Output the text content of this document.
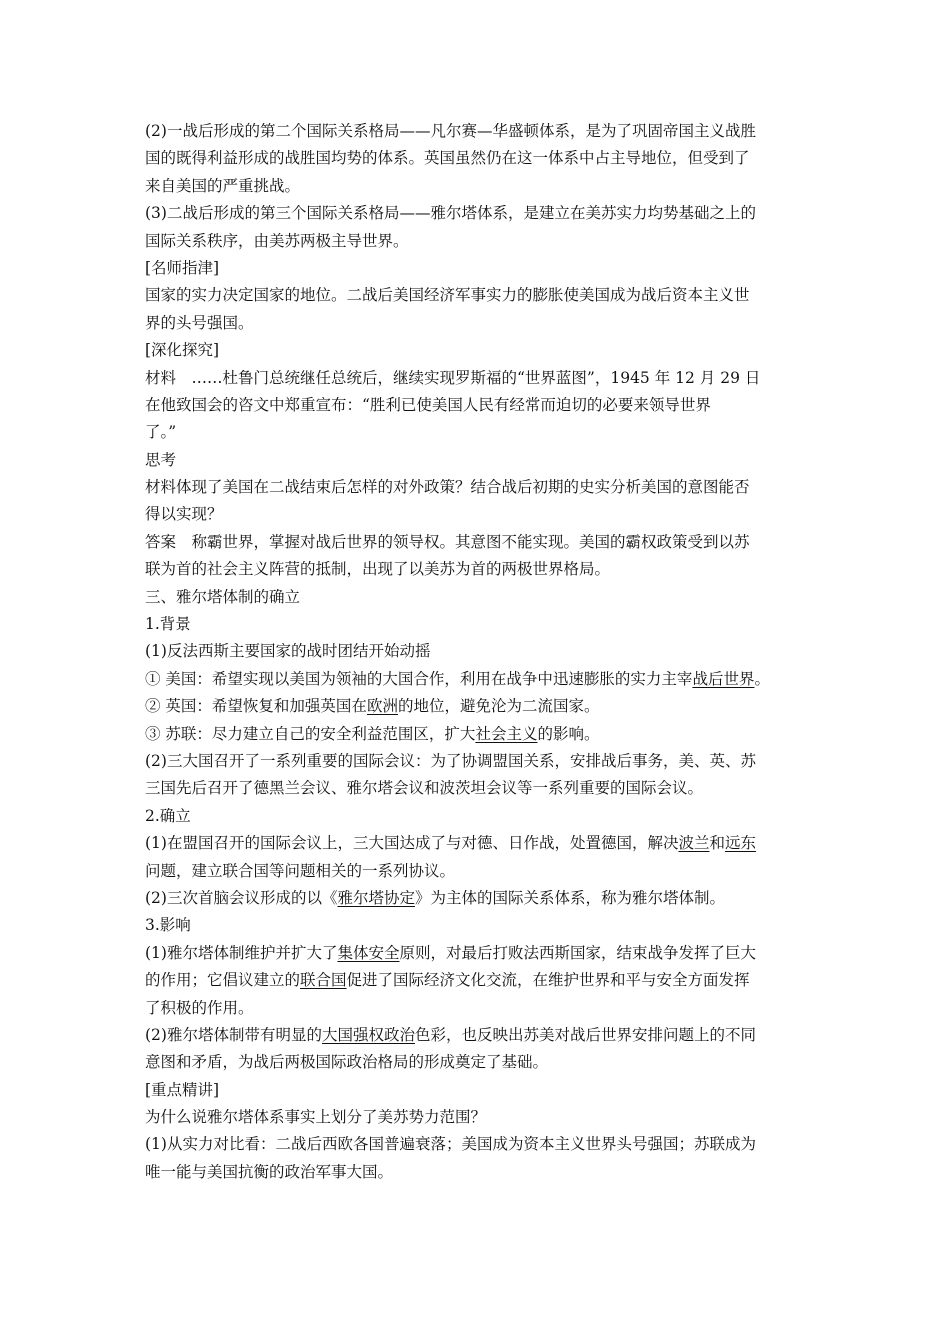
(2)一战后形成的第二个国际关系格局——凡尔赛—华盛顿体系，是为了巩固帝国主义战胜

国的既得利益形成的战胜国均势的体系。英国虽然仍在这一体系中占主导地位，但受到了

来自美国的严重挑战。

(3)二战后形成的第三个国际关系格局——雅尔塔体系，是建立在美苏实力均势基础之上的

国际关系秩序，由美苏两极主导世界。

[名师指津]

国家的实力决定国家的地位。二战后美国经济军事实力的膨胀使美国成为战后资本主义世

界的头号强国。

[深化探究]

材料　……杜鲁门总统继任总统后，继续实现罗斯福的“世界蓝图”，1945 年 12 月 29 日

在他致国会的咨文中郑重宣布：“胜利已使美国人民有经常而迫切的必要来领导世界

了。”

思考

材料体现了美国在二战结束后怎样的对外政策？结合战后初期的史实分析美国的意图能否

得以实现？

答案　称霸世界，掌握对战后世界的领导权。其意图不能实现。美国的霸权政策受到以苏

联为首的社会主义阵营的抵制，出现了以美苏为首的两极世界格局。

三、雅尔塔体制的确立

1.背景

(1)反法西斯主要国家的战时团结开始动摇

① 美国：希望实现以美国为领袖的大国合作，利用在战争中迅速膨胀的实力主宰战后世界。

② 英国：希望恢复和加强英国在欧洲的地位，避免沦为二流国家。

③ 苏联：尽力建立自己的安全利益范围区，扩大社会主义的影响。

(2)三大国召开了一系列重要的国际会议：为了协调盟国关系，安排战后事务，美、英、苏

三国先后召开了德黑兰会议、雅尔塔会议和波茨坦会议等一系列重要的国际会议。

2.确立

(1)在盟国召开的国际会议上，三大国达成了与对德、日作战，处置德国，解决波兰和远东

问题，建立联合国等问题相关的一系列协议。

(2)三次首脑会议形成的以《雅尔塔协定》为主体的国际关系体系，称为雅尔塔体制。

3.影响

(1)雅尔塔体制维护并扩大了集体安全原则，对最后打败法西斯国家，结束战争发挥了巨大

的作用；它倡议建立的联合国促进了国际经济文化交流，在维护世界和平与安全方面发挥

了积极的作用。

(2)雅尔塔体制带有明显的大国强权政治色彩，也反映出苏美对战后世界安排问题上的不同

意图和矛盾，为战后两极国际政治格局的形成奠定了基础。

[重点精讲]

为什么说雅尔塔体系事实上划分了美苏势力范围？

(1)从实力对比看：二战后西欧各国普遍衰落；美国成为资本主义世界头号强国；苏联成为

唯一能与美国抗衡的政治军事大国。
